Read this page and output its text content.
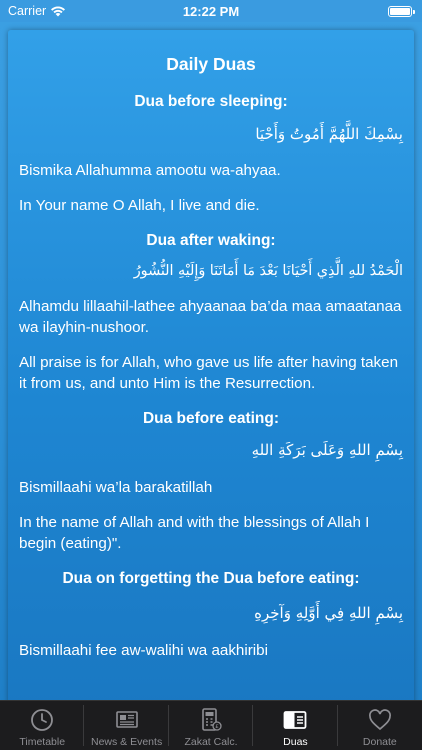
Carrier	12:22 PM
Daily Duas
Dua before sleeping:
بِسْمِكَ اللَّهُمَّ أَمُوتُ وَأَحْيَا
Bismika Allahumma amootu wa-ahyaa.
In Your name O Allah, I live and die.
Dua after waking:
الْحَمْدُ للهِ الَّذِي أَحْيَانَا بَعْدَ مَا أَمَاتَنَا وَإِلَيْهِ النُّشُورُ
Alhamdu lillaahil-lathee ahyaanaa ba’da maa amaatanaa wa ilayhin-nushoor.
All praise is for Allah, who gave us life after having taken it from us, and unto Him is the Resurrection.
Dua before eating:
بِسْمِ اللهِ وَعَلَى بَرَكَةِ اللهِ
Bismillaahi wa’la barakatillah
In the name of Allah and with the blessings of Allah I begin (eating)".
Dua on forgetting the Dua before eating:
بِسْمِ اللهِ فِي أَوَّلِهِ وَآخِرِهِ
Bismillaahi fee aw-walihi wa aakhiribi
Timetable News & Events
£
Zakat Calc.	Duas	Donate
